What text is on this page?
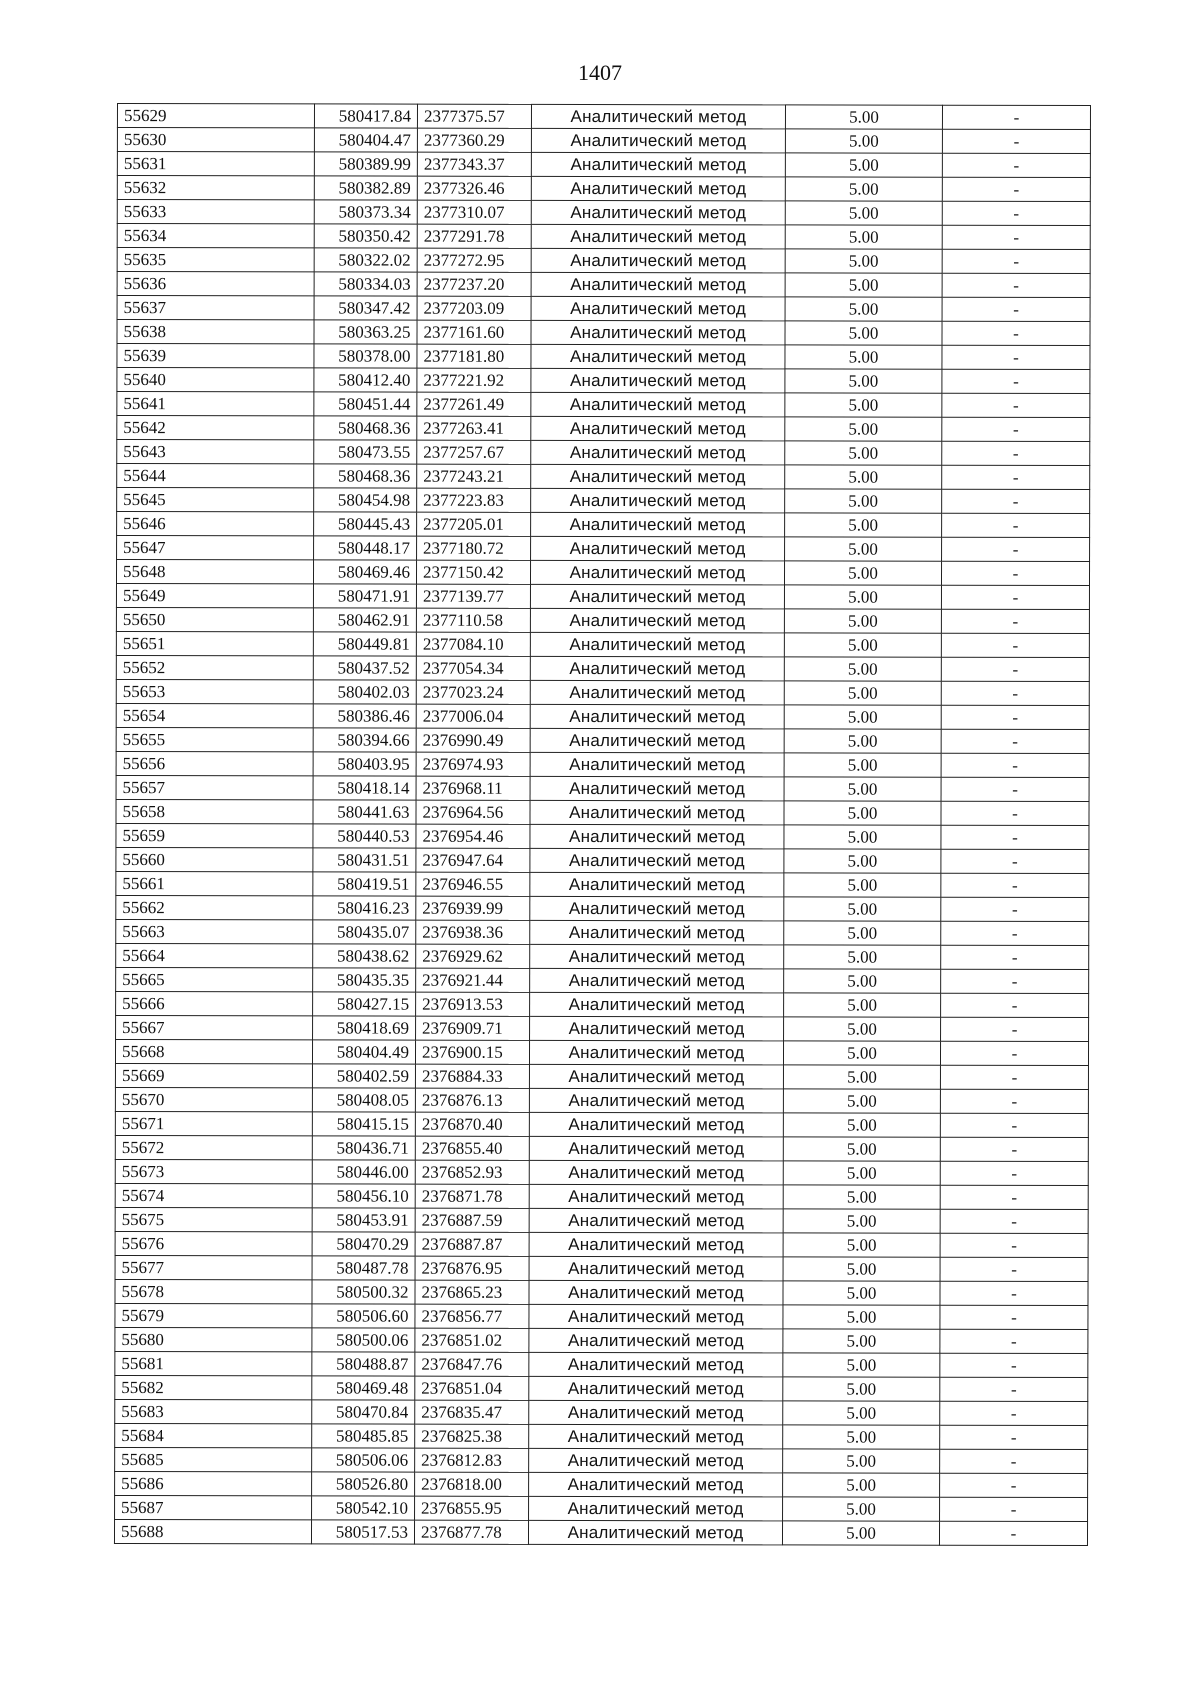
1407
55629	580417.84	2377375.57	Аналитический метод	5.00	-
55630	580404.47	2377360.29	Аналитический метод	5.00	-
55631	580389.99	2377343.37	Аналитический метод	5.00	-
55632	580382.89	2377326.46	Аналитический метод	5.00	-
55633	580373.34	2377310.07	Аналитический метод	5.00	-
55634	580350.42	2377291.78	Аналитический метод	5.00	-
55635	580322.02	2377272.95	Аналитический метод	5.00	-
55636	580334.03	2377237.20	Аналитический метод	5.00	-
55637	580347.42	2377203.09	Аналитический метод	5.00	-
55638	580363.25	2377161.60	Аналитический метод	5.00	-
55639	580378.00	2377181.80	Аналитический метод	5.00	-
55640	580412.40	2377221.92	Аналитический метод	5.00	-
55641	580451.44	2377261.49	Аналитический метод	5.00	-
55642	580468.36	2377263.41	Аналитический метод	5.00	-
55643	580473.55	2377257.67	Аналитический метод	5.00	-
55644	580468.36	2377243.21	Аналитический метод	5.00	-
55645	580454.98	2377223.83	Аналитический метод	5.00	-
55646	580445.43	2377205.01	Аналитический метод	5.00	-
55647	580448.17	2377180.72	Аналитический метод	5.00	-
55648	580469.46	2377150.42	Аналитический метод	5.00	-
55649	580471.91	2377139.77	Аналитический метод	5.00	-
55650	580462.91	2377110.58	Аналитический метод	5.00	-
55651	580449.81	2377084.10	Аналитический метод	5.00	-
55652	580437.52	2377054.34	Аналитический метод	5.00	-
55653	580402.03	2377023.24	Аналитический метод	5.00	-
55654	580386.46	2377006.04	Аналитический метод	5.00	-
55655	580394.66	2376990.49	Аналитический метод	5.00	-
55656	580403.95	2376974.93	Аналитический метод	5.00	-
55657	580418.14	2376968.11	Аналитический метод	5.00	-
55658	580441.63	2376964.56	Аналитический метод	5.00	-
55659	580440.53	2376954.46	Аналитический метод	5.00	-
55660	580431.51	2376947.64	Аналитический метод	5.00	-
55661	580419.51	2376946.55	Аналитический метод	5.00	-
55662	580416.23	2376939.99	Аналитический метод	5.00	-
55663	580435.07	2376938.36	Аналитический метод	5.00	-
55664	580438.62	2376929.62	Аналитический метод	5.00	-
55665	580435.35	2376921.44	Аналитический метод	5.00	-
55666	580427.15	2376913.53	Аналитический метод	5.00	-
55667	580418.69	2376909.71	Аналитический метод	5.00	-
55668	580404.49	2376900.15	Аналитический метод	5.00	-
55669	580402.59	2376884.33	Аналитический метод	5.00	-
55670	580408.05	2376876.13	Аналитический метод	5.00	-
55671	580415.15	2376870.40	Аналитический метод	5.00	-
55672	580436.71	2376855.40	Аналитический метод	5.00	-
55673	580446.00	2376852.93	Аналитический метод	5.00	-
55674	580456.10	2376871.78	Аналитический метод	5.00	-
55675	580453.91	2376887.59	Аналитический метод	5.00	-
55676	580470.29	2376887.87	Аналитический метод	5.00	-
55677	580487.78	2376876.95	Аналитический метод	5.00	-
55678	580500.32	2376865.23	Аналитический метод	5.00	-
55679	580506.60	2376856.77	Аналитический метод	5.00	-
55680	580500.06	2376851.02	Аналитический метод	5.00	-
55681	580488.87	2376847.76	Аналитический метод	5.00	-
55682	580469.48	2376851.04	Аналитический метод	5.00	-
55683	580470.84	2376835.47	Аналитический метод	5.00	-
55684	580485.85	2376825.38	Аналитический метод	5.00	-
55685	580506.06	2376812.83	Аналитический метод	5.00	-
55686	580526.80	2376818.00	Аналитический метод	5.00	-
55687	580542.10	2376855.95	Аналитический метод	5.00	-
55688	580517.53	2376877.78	Аналитический метод	5.00	-
